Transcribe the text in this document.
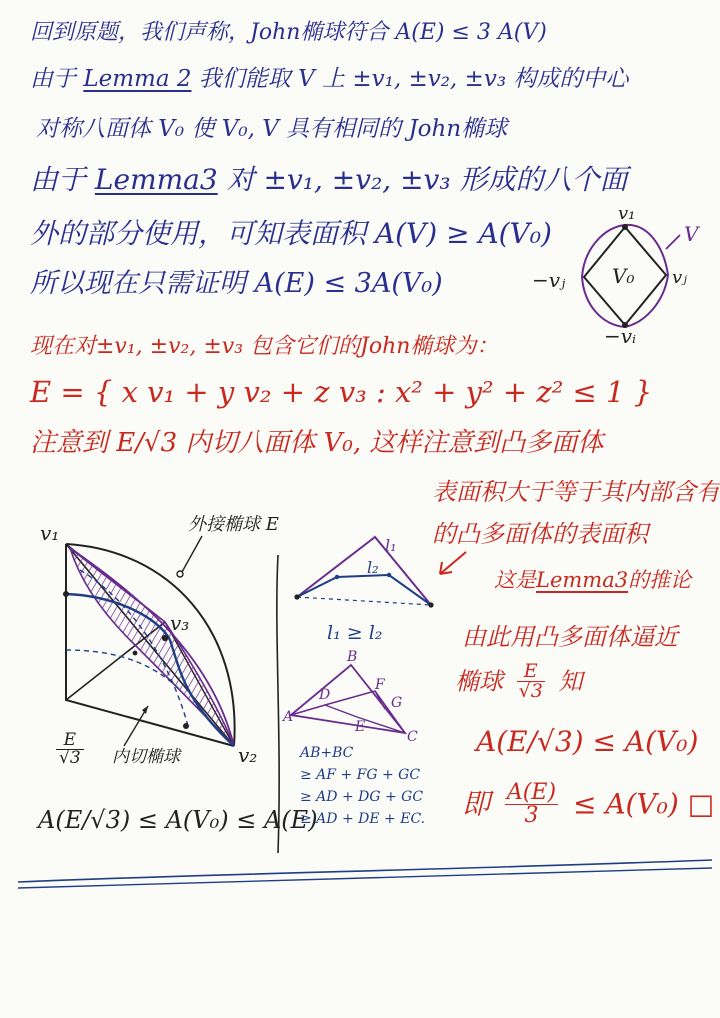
回到原题，我们声称，John椭球符合 A(E) ≤ 3 A(V)
由于 Lemma 2 我们能取 V 上 ±v₁, ±v₂, ±v₃ 构成的中心
对称八面体 V₀ 使 V₀, V 具有相同的 John椭球
由于 Lemma3 对 ±v₁, ±v₂, ±v₃ 形成的八个面
外的部分使用，可知表面积 A(V) ≥ A(V₀)
所以现在只需证明 A(E) ≤ 3A(V₀)
v₁
V
−vⱼ V₀ vⱼ
−vᵢ
现在对±v₁, ±v₂, ±v₃ 包含它们的John椭球为：
E = { x v₁ + y v₂ + z v₃ : x² + y² + z² ≤ 1 }
注意到 E/√3 内切八面体 V₀, 这样注意到凸多面体
表面积大于等于其内部含有
的凸多面体的表面积
这是Lemma3的推论
由此用凸多面体逼近
椭球 $\frac{E}{√3}$ 知
A(E/√3) ≤ A(V₀)
即 $\frac{A(E)}{3} \le A(V_0)$ □
v₁
v₃
v₂
外接椭球 E
内切椭球
$\frac{E}{√3}$
A(E/√3) ≤ A(V₀) ≤ A(E)
l₁
l₂
l₁ ≥ l₂
B
F
D	G
A
E
C
AB+BC
≥ AF + FG + GC
≥ AD + DG + GC
≥ AD + DE + EC.
